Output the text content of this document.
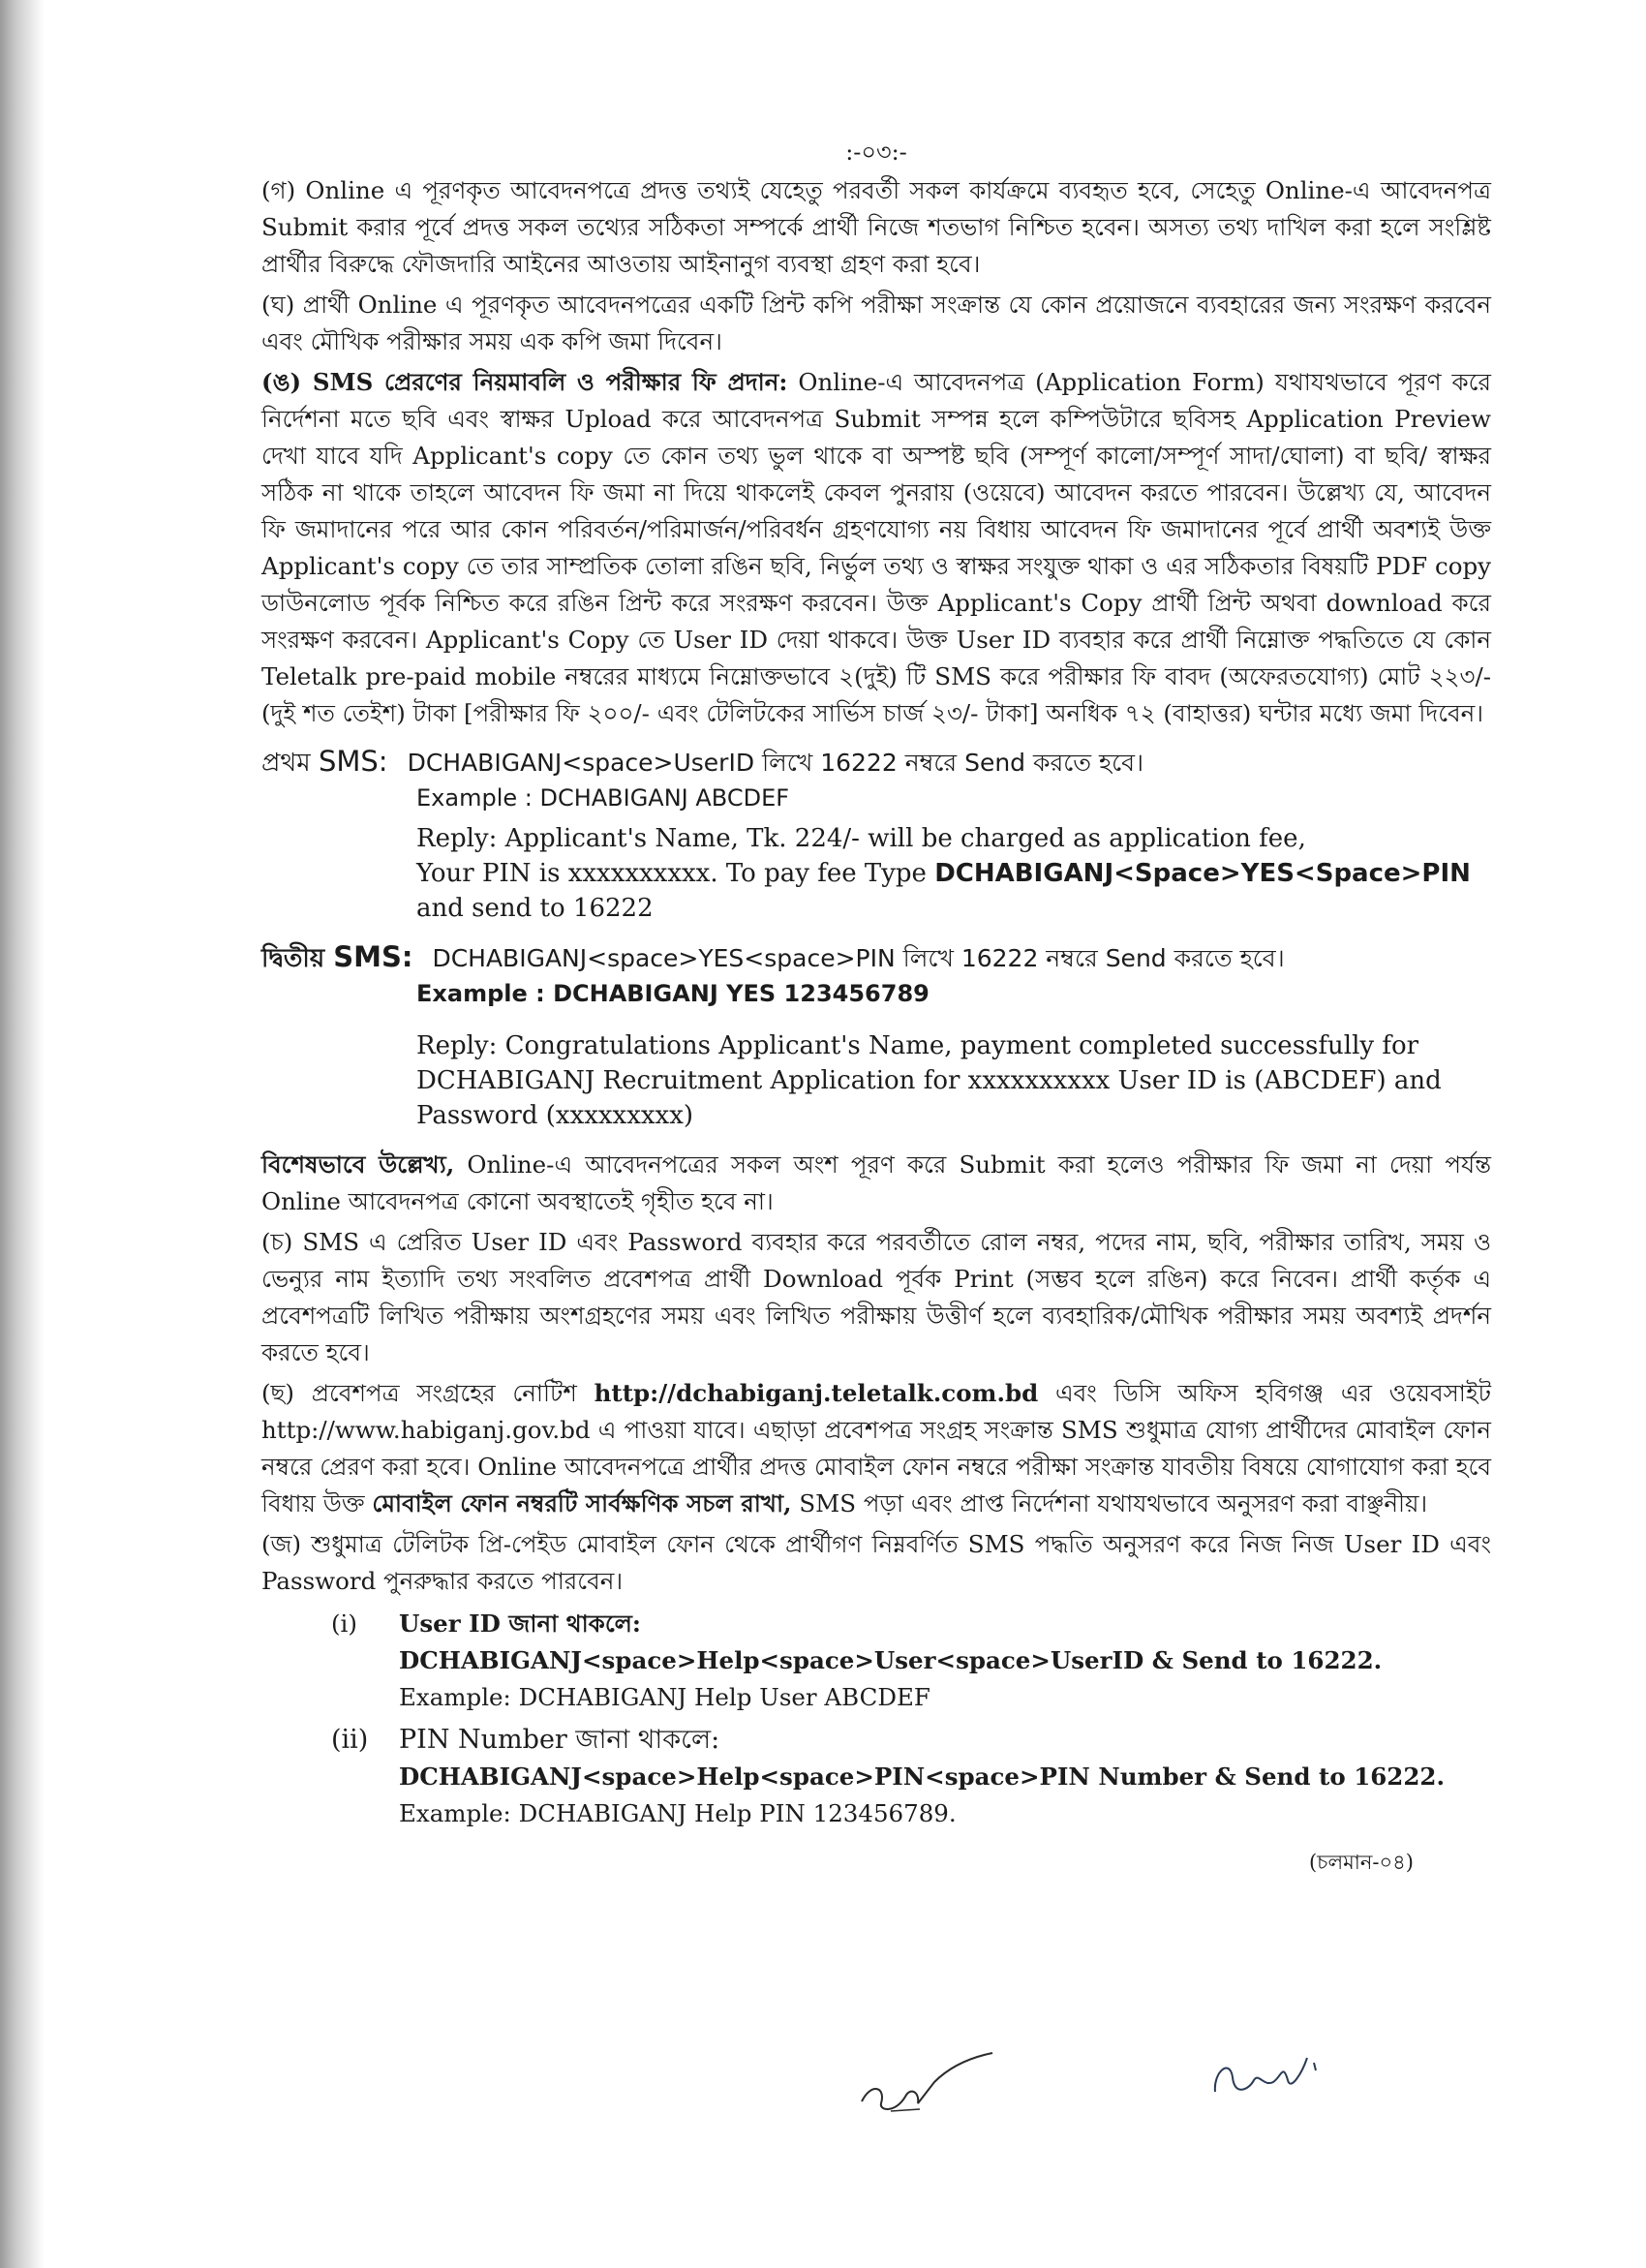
:-০৩:-

(গ) Online এ পূরণকৃত আবেদনপত্রে প্রদত্ত তথ্যই যেহেতু পরবর্তী সকল কার্যক্রমে ব্যবহৃত হবে, সেহেতু Online-এ আবেদনপত্র Submit করার পূর্বে প্রদত্ত সকল তথ্যের সঠিকতা সম্পর্কে প্রার্থী নিজে শতভাগ নিশ্চিত হবেন। অসত্য তথ্য দাখিল করা হলে সংশ্লিষ্ট প্রার্থীর বিরুদ্ধে ফৌজদারি আইনের আওতায় আইনানুগ ব্যবস্থা গ্রহণ করা হবে।

(ঘ) প্রার্থী Online এ পূরণকৃত আবেদনপত্রের একটি প্রিন্ট কপি পরীক্ষা সংক্রান্ত যে কোন প্রয়োজনে ব্যবহারের জন্য সংরক্ষণ করবেন এবং মৌখিক পরীক্ষার সময় এক কপি জমা দিবেন।

(ঙ) SMS প্রেরণের নিয়মাবলি ও পরীক্ষার ফি প্রদান: Online-এ আবেদনপত্র (Application Form) যথাযথভাবে পূরণ করে নির্দেশনা মতে ছবি এবং স্বাক্ষর Upload করে আবেদনপত্র Submit সম্পন্ন হলে কম্পিউটারে ছবিসহ Application Preview দেখা যাবে যদি Applicant's copy তে কোন তথ্য ভুল থাকে বা অস্পষ্ট ছবি (সম্পূর্ণ কালো/সম্পূর্ণ সাদা/ঘোলা) বা ছবি/ স্বাক্ষর সঠিক না থাকে তাহলে আবেদন ফি জমা না দিয়ে থাকলেই কেবল পুনরায় (ওয়েবে) আবেদন করতে পারবেন। উল্লেখ্য যে, আবেদন ফি জমাদানের পরে আর কোন পরিবর্তন/পরিমার্জন/পরিবর্ধন গ্রহণযোগ্য নয় বিধায় আবেদন ফি জমাদানের পূর্বে প্রার্থী অবশ্যই উক্ত Applicant's copy তে তার সাম্প্রতিক তোলা রঙিন ছবি, নির্ভুল তথ্য ও স্বাক্ষর সংযুক্ত থাকা ও এর সঠিকতার বিষয়টি PDF copy ডাউনলোড পূর্বক নিশ্চিত করে রঙিন প্রিন্ট করে সংরক্ষণ করবেন। উক্ত Applicant's Copy প্রার্থী প্রিন্ট অথবা download করে সংরক্ষণ করবেন। Applicant's Copy তে User ID দেয়া থাকবে। উক্ত User ID ব্যবহার করে প্রার্থী নিম্নোক্ত পদ্ধতিতে যে কোন Teletalk pre-paid mobile নম্বরের মাধ্যমে নিম্নোক্তভাবে ২(দুই) টি SMS করে পরীক্ষার ফি বাবদ (অফেরতযোগ্য) মোট ২২৩/- (দুই শত তেইশ) টাকা [পরীক্ষার ফি ২০০/- এবং টেলিটকের সার্ভিস চার্জ ২৩/- টাকা] অনধিক ৭২ (বাহাত্তর) ঘন্টার মধ্যে জমা দিবেন।

প্রথম SMS: DCHABIGANJ<space>UserID লিখে 16222 নম্বরে Send করতে হবে।
Example : DCHABIGANJ ABCDEF
Reply: Applicant's Name, Tk. 224/- will be charged as application fee,
Your PIN is xxxxxxxxxx. To pay fee Type DCHABIGANJ<Space>YES<Space>PIN
and send to 16222
দ্বিতীয় SMS: DCHABIGANJ<space>YES<space>PIN লিখে 16222 নম্বরে Send করতে হবে।
Example : DCHABIGANJ YES 123456789
Reply: Congratulations Applicant's Name, payment completed successfully for
DCHABIGANJ Recruitment Application for xxxxxxxxxx User ID is (ABCDEF) and
Password (xxxxxxxxx)

বিশেষভাবে উল্লেখ্য, Online-এ আবেদনপত্রের সকল অংশ পূরণ করে Submit করা হলেও পরীক্ষার ফি জমা না দেয়া পর্যন্ত Online আবেদনপত্র কোনো অবস্থাতেই গৃহীত হবে না।

(চ) SMS এ প্রেরিত User ID এবং Password ব্যবহার করে পরবর্তীতে রোল নম্বর, পদের নাম, ছবি, পরীক্ষার তারিখ, সময় ও ভেন্যুর নাম ইত্যাদি তথ্য সংবলিত প্রবেশপত্র প্রার্থী Download পূর্বক Print (সম্ভব হলে রঙিন) করে নিবেন। প্রার্থী কর্তৃক এ প্রবেশপত্রটি লিখিত পরীক্ষায় অংশগ্রহণের সময় এবং লিখিত পরীক্ষায় উত্তীর্ণ হলে ব্যবহারিক/মৌখিক পরীক্ষার সময় অবশ্যই প্রদর্শন করতে হবে।

(ছ) প্রবেশপত্র সংগ্রহের নোটিশ http://dchabiganj.teletalk.com.bd এবং ডিসি অফিস হবিগঞ্জ এর ওয়েবসাইট http://www.habiganj.gov.bd এ পাওয়া যাবে। এছাড়া প্রবেশপত্র সংগ্রহ সংক্রান্ত SMS শুধুমাত্র যোগ্য প্রার্থীদের মোবাইল ফোন নম্বরে প্রেরণ করা হবে। Online আবেদনপত্রে প্রার্থীর প্রদত্ত মোবাইল ফোন নম্বরে পরীক্ষা সংক্রান্ত যাবতীয় বিষয়ে যোগাযোগ করা হবে বিধায় উক্ত মোবাইল ফোন নম্বরটি সার্বক্ষণিক সচল রাখা, SMS পড়া এবং প্রাপ্ত নির্দেশনা যথাযথভাবে অনুসরণ করা বাঞ্ছনীয়।

(জ) শুধুমাত্র টেলিটক প্রি-পেইড মোবাইল ফোন থেকে প্রার্থীগণ নিম্নবর্ণিত SMS পদ্ধতি অনুসরণ করে নিজ নিজ User ID এবং Password পুনরুদ্ধার করতে পারবেন।

(i)	User ID জানা থাকলে:
DCHABIGANJ<space>Help<space>User<space>UserID & Send to 16222.
Example: DCHABIGANJ Help User ABCDEF
(ii)	PIN Number জানা থাকলে:
DCHABIGANJ<space>Help<space>PIN<space>PIN Number & Send to 16222.
Example: DCHABIGANJ Help PIN 123456789.
(চলমান-০৪)
